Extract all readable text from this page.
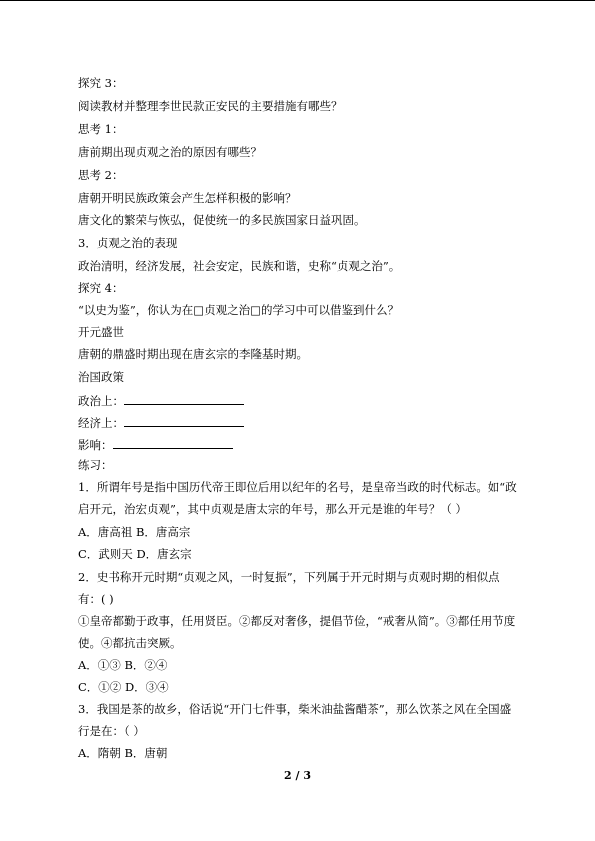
探究 3：
阅读教材并整理李世民款正安民的主要措施有哪些？
思考 1：
唐前期出现贞观之治的原因有哪些？
思考 2：
唐朝开明民族政策会产生怎样积极的影响？
唐文化的繁荣与恢弘，促使统一的多民族国家日益巩固。
3．贞观之治的表现
政治清明，经济发展，社会安定，民族和谐，史称“贞观之治”。
探究 4：
“以史为鉴”，你认为在□贞观之治□的学习中可以借鉴到什么？
开元盛世
唐朝的鼎盛时期出现在唐玄宗的李隆基时期。
治国政策
政治上：
经济上：
影响：
练习：
1．所谓年号是指中国历代帝王即位后用以纪年的名号，是皇帝当政的时代标志。如“政
启开元，治宏贞观”，其中贞观是唐太宗的年号，那么开元是谁的年号？（ ）
A．唐高祖 B．唐高宗
C．武则天 D．唐玄宗
2．史书称开元时期“贞观之风，一时复振”，下列属于开元时期与贞观时期的相似点
有：( )
①皇帝都勤于政事，任用贤臣。②都反对奢侈，提倡节俭，“戒奢从简”。③都任用节度
使。④都抗击突厥。
A．①③ B．②④
C．①② D．③④
3．我国是茶的故乡，俗话说“开门七件事，柴米油盐酱醋茶”，那么饮茶之风在全国盛
行是在：（ ）
A．隋朝 B．唐朝
2 / 3
